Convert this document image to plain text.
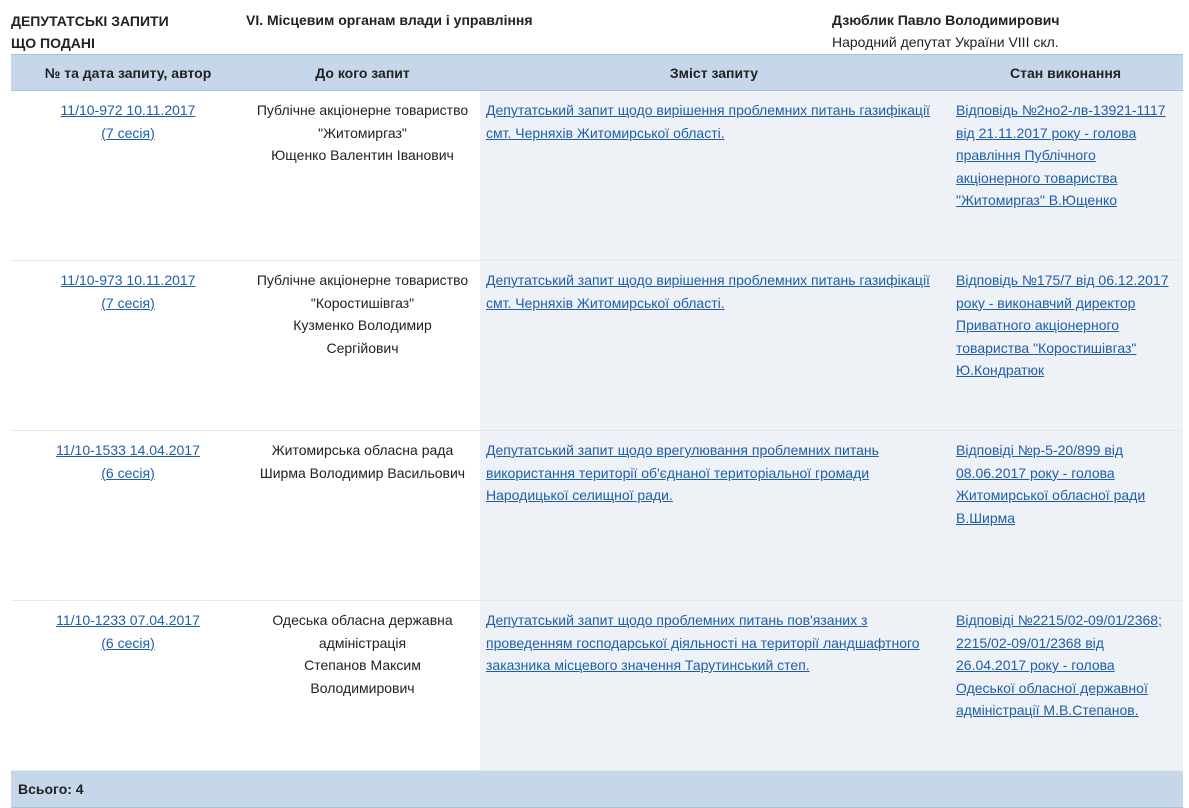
ДЕПУТАТСЬКІ ЗАПИТИ
ЩО ПОДАНІ
VI. Місцевим органам влади і управління	Дзюблик Павло Володимирович
Народний депутат України VIII скл.
№ та дата запиту, автор	До кого запит	Зміст запиту	Стан виконання

11/10-972 10.11.2017
(7 сесія)	Публічне акціонерне товариство
"Житомиргаз"
Ющенко Валентин Іванович	Депутатський запит щодо вирішення проблемних питань газифікації смт. Черняхів Житомирської області.	Відповідь №2но2-лв-13921-1117 від 21.11.2017 року - голова правління Публічного акціонерного товариства "Житомиргаз" В.Ющенко

11/10-973 10.11.2017
(7 сесія)	Публічне акціонерне товариство
"Коростишівгаз"
Кузменко Володимир
Сергійович	Депутатський запит щодо вирішення проблемних питань газифікації смт. Черняхів Житомирської області.	Відповідь №175/7 від 06.12.2017 року - виконавчий директор Приватного акціонерного товариства "Коростишівгаз" Ю.Кондратюк

11/10-1533 14.04.2017
(6 сесія)	Житомирська обласна рада
Ширма Володимир Васильович	Депутатський запит щодо врегулювання проблемних питань використання території об'єднаної територіальної громади Народицької селищної ради.	Відповіді №р-5-20/899 від 08.06.2017 року - голова Житомирської обласної ради В.Ширма

11/10-1233 07.04.2017
(6 сесія)	Одеська обласна державна
адміністрація
Степанов Максим
Володимирович	Депутатський запит щодо проблемних питань пов'язаних з проведенням господарської діяльності на території ландшафтного заказника місцевого значення Тарутинський степ.	Відповіді №2215/02-09/01/2368; 2215/02-09/01/2368 від 26.04.2017 року - голова Одеської обласної державної адміністрації М.В.Степанов.
Всього: 4			
